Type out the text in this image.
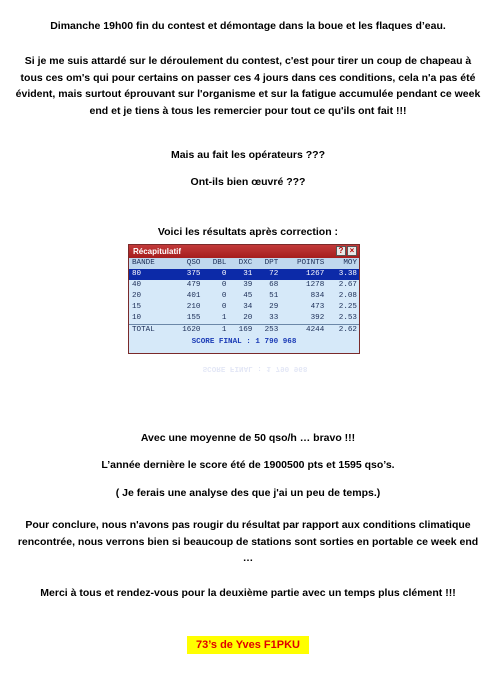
Dimanche 19h00 fin du contest et démontage dans la boue et les flaques d’eau.
Si je me suis attardé sur le déroulement du contest, c'est pour tirer un coup de chapeau à tous ces om's qui pour certains on passer ces 4 jours dans ces conditions, cela n'a pas été évident, mais surtout éprouvant sur l'organisme et sur la fatigue accumulée pendant ce week end et je tiens à tous les remercier pour tout ce qu'ils ont fait !!!
Mais au fait les opérateurs ???
Ont-ils bien œuvré ???
Voici les résultats après correction :
Récapitulatif	? ×
BANDE	QSO	DBL	DXC	DPT	POINTS	MOY
80	375	0	31	72	1267	3.38
40	479	0	39	68	1278	2.67
20	401	0	45	51	834	2.08
15	210	0	34	29	473	2.25
10	155	1	20	33	392	2.53
TOTAL	1620	1	169	253	4244	2.62
SCORE FINAL : 1 790 968
SCORE FINAL : 1 790 968
Avec une moyenne de 50 qso/h … bravo !!!
L’année dernière le score été de 1900500 pts et 1595 qso’s.
( Je ferais une analyse des que j'ai un peu de temps.)
Pour conclure, nous n'avons pas rougir du résultat par rapport aux conditions climatique rencontrée, nous verrons bien si beaucoup de stations sont sorties en portable ce week end …
Merci à tous et rendez-vous pour la deuxième partie avec un temps plus clément !!!
73’s de Yves F1PKU
